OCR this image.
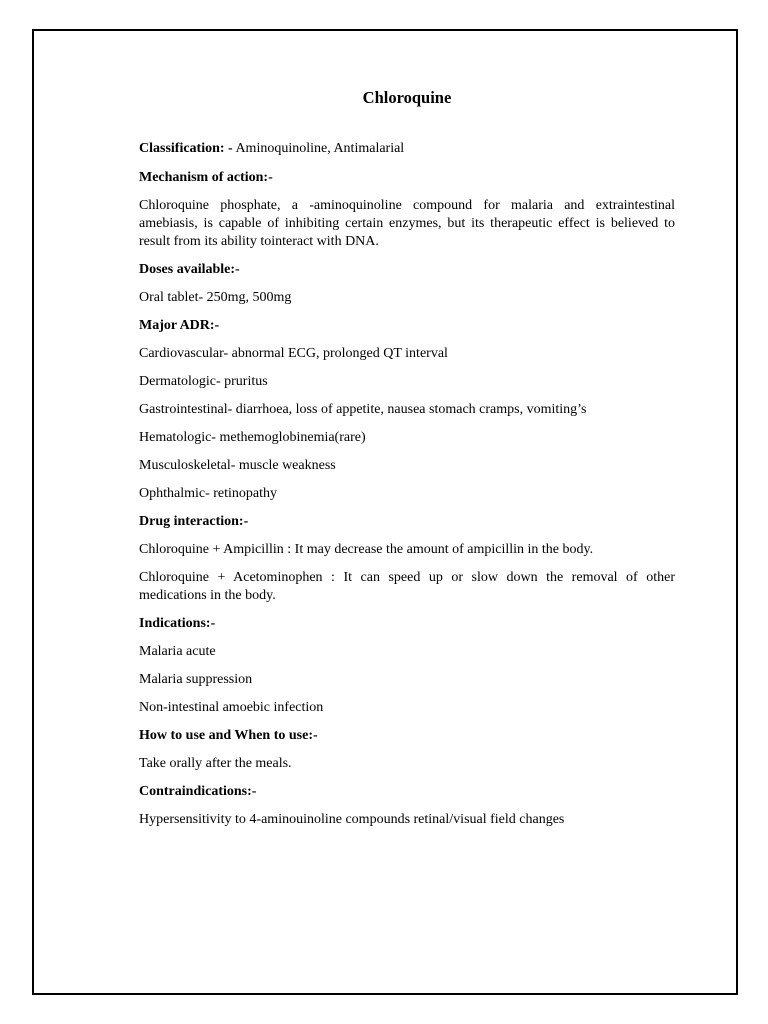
Chloroquine

Classification: - Aminoquinoline, Antimalarial

Mechanism of action:-

Chloroquine phosphate, a -aminoquinoline compound for malaria and extraintestinal amebiasis, is capable of inhibiting certain enzymes, but its therapeutic effect is believed to result from its ability tointeract with DNA.

Doses available:-

Oral tablet- 250mg, 500mg

Major ADR:-

Cardiovascular- abnormal ECG, prolonged QT interval

Dermatologic- pruritus

Gastrointestinal- diarrhoea, loss of appetite, nausea stomach cramps, vomiting’s

Hematologic- methemoglobinemia(rare)

Musculoskeletal- muscle weakness

Ophthalmic- retinopathy

Drug interaction:-

Chloroquine + Ampicillin : It may decrease the amount of ampicillin in the body.

Chloroquine + Acetominophen : It can speed up or slow down the removal of other medications in the body.

Indications:-

Malaria acute

Malaria suppression

Non-intestinal amoebic infection

How to use and When to use:-

Take orally after the meals.

Contraindications:-

Hypersensitivity to 4-aminouinoline compounds retinal/visual field changes
